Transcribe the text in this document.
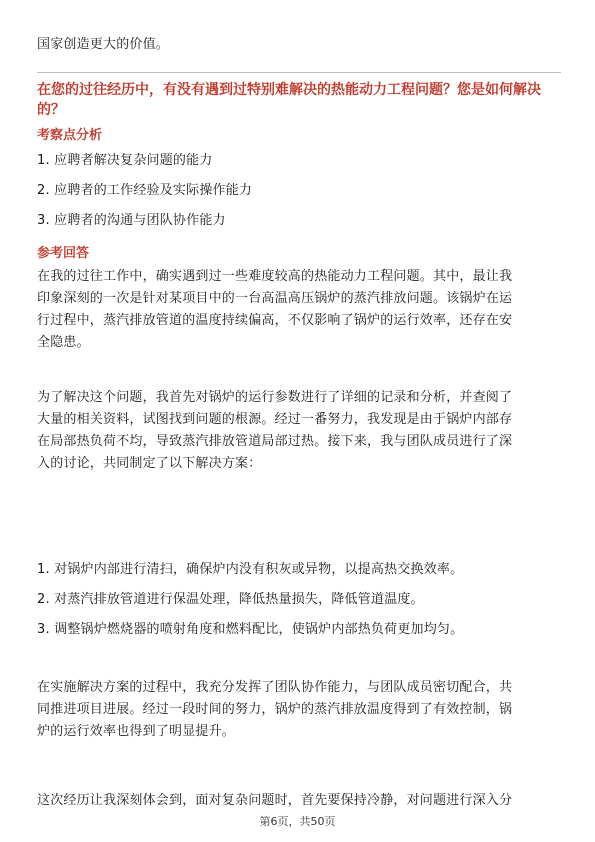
国家创造更大的价值。
在您的过往经历中，有没有遇到过特别难解决的热能动力工程问题？您是如何解决
的？
考察点分析
1. 应聘者解决复杂问题的能力
2. 应聘者的工作经验及实际操作能力
3. 应聘者的沟通与团队协作能力
参考回答
在我的过往工作中，确实遇到过一些难度较高的热能动力工程问题。其中，最让我
印象深刻的一次是针对某项目中的一台高温高压锅炉的蒸汽排放问题。该锅炉在运
行过程中，蒸汽排放管道的温度持续偏高，不仅影响了锅炉的运行效率，还存在安
全隐患。
为了解决这个问题，我首先对锅炉的运行参数进行了详细的记录和分析，并查阅了
大量的相关资料，试图找到问题的根源。经过一番努力，我发现是由于锅炉内部存
在局部热负荷不均，导致蒸汽排放管道局部过热。接下来，我与团队成员进行了深
入的讨论，共同制定了以下解决方案：
1. 对锅炉内部进行清扫，确保炉内没有积灰或异物，以提高热交换效率。
2. 对蒸汽排放管道进行保温处理，降低热量损失，降低管道温度。
3. 调整锅炉燃烧器的喷射角度和燃料配比，使锅炉内部热负荷更加均匀。
在实施解决方案的过程中，我充分发挥了团队协作能力，与团队成员密切配合，共
同推进项目进展。经过一段时间的努力，锅炉的蒸汽排放温度得到了有效控制，锅
炉的运行效率也得到了明显提升。
这次经历让我深刻体会到，面对复杂问题时，首先要保持冷静，对问题进行深入分
第6页，共50页
